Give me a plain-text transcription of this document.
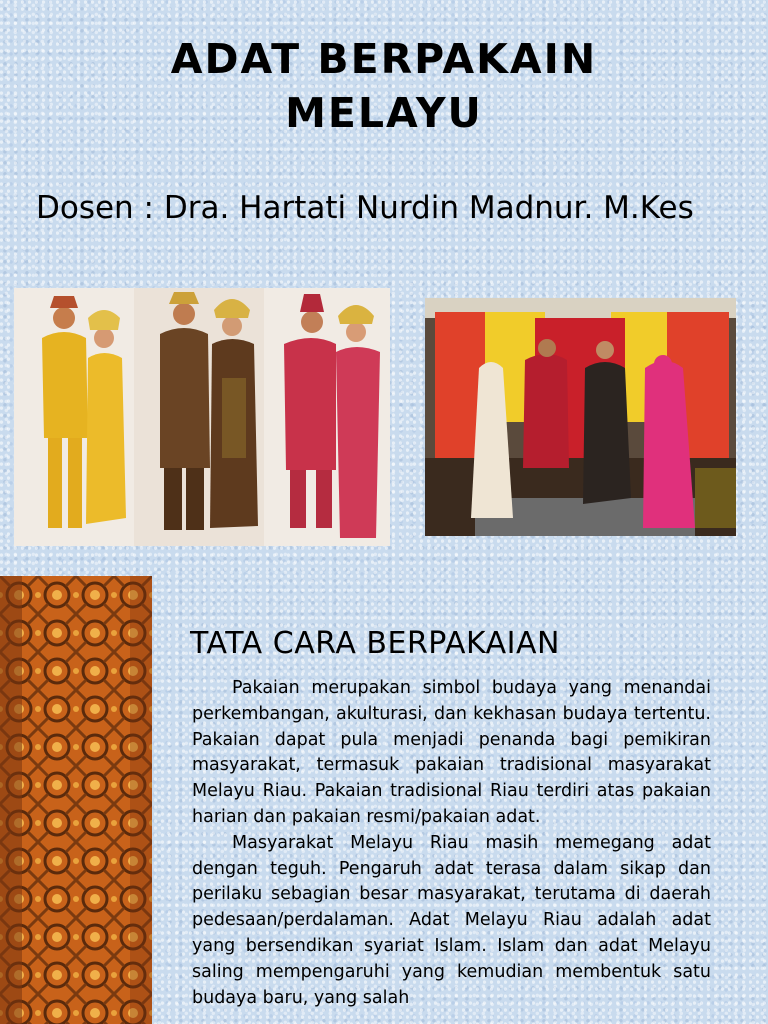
ADAT BERPAKAIN
MELAYU
Dosen : Dra. Hartati Nurdin Madnur. M.Kes
TATA CARA BERPAKAIAN

Pakaian merupakan simbol budaya yang menandai perkembangan, akulturasi, dan kekhasan budaya tertentu. Pakaian dapat pula menjadi penanda bagi pemikiran masyarakat, termasuk pakaian tradisional masyarakat Melayu Riau. Pakaian tradisional Riau terdiri atas pakaian harian dan pakaian resmi/pakaian adat.

Masyarakat Melayu Riau masih memegang adat dengan teguh. Pengaruh adat terasa dalam sikap dan perilaku sebagian besar masyarakat, terutama di daerah pedesaan/perdalaman. Adat Melayu Riau adalah adat yang bersendikan syariat Islam. Islam dan adat Melayu saling mempengaruhi yang kemudian membentuk satu budaya baru, yang salah
